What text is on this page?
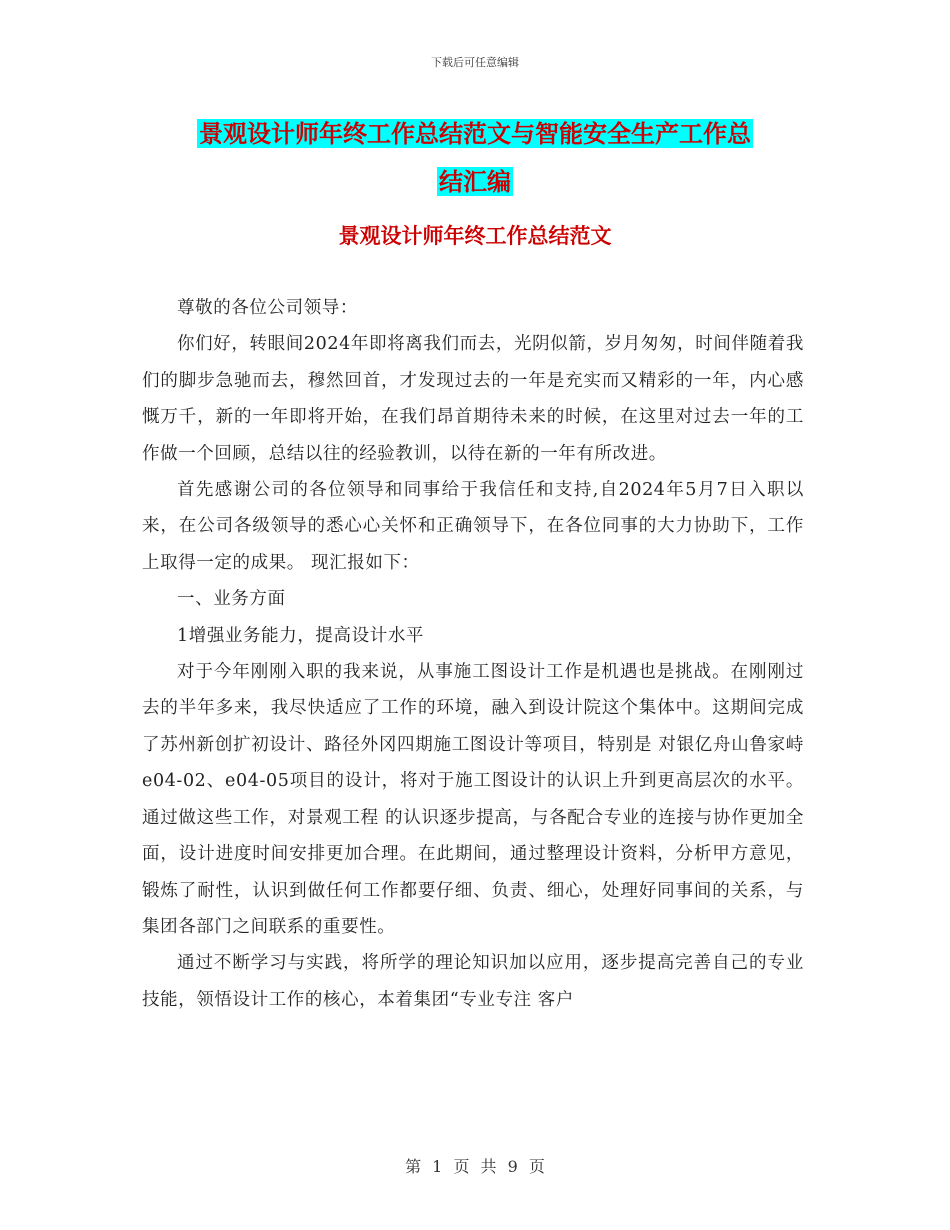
下载后可任意编辑
景观设计师年终工作总结范文与智能安全生产工作总
结汇编
景观设计师年终工作总结范文

尊敬的各位公司领导：

你们好，转眼间2024年即将离我们而去，光阴似箭，岁月匆匆，时间伴随着我们的脚步急驰而去，穆然回首，才发现过去的一年是充实而又精彩的一年，内心感慨万千，新的一年即将开始，在我们昂首期待未来的时候，在这里对过去一年的工作做一个回顾，总结以往的经验教训，以待在新的一年有所改进。

首先感谢公司的各位领导和同事给于我信任和支持,自2024年5月7日入职以来，在公司各级领导的悉心心关怀和正确领导下，在各位同事的大力协助下，工作上取得一定的成果。 现汇报如下：

一、业务方面

1增强业务能力，提高设计水平

对于今年刚刚入职的我来说，从事施工图设计工作是机遇也是挑战。在刚刚过去的半年多来，我尽快适应了工作的环境，融入到设计院这个集体中。这期间完成了苏州新创扩初设计、路径外冈四期施工图设计等项目，特别是 对银亿舟山鲁家峙e04-02、e04-05项目的设计，将对于施工图设计的认识上升到更高层次的水平。通过做这些工作，对景观工程 的认识逐步提高，与各配合专业的连接与协作更加全面，设计进度时间安排更加合理。在此期间，通过整理设计资料，分析甲方意见，锻炼了耐性，认识到做任何工作都要仔细、负责、细心，处理好同事间的关系，与集团各部门之间联系的重要性。

通过不断学习与实践，将所学的理论知识加以应用，逐步提高完善自己的专业技能，领悟设计工作的核心，本着集团“专业专注 客户

第 1 页 共 9 页
